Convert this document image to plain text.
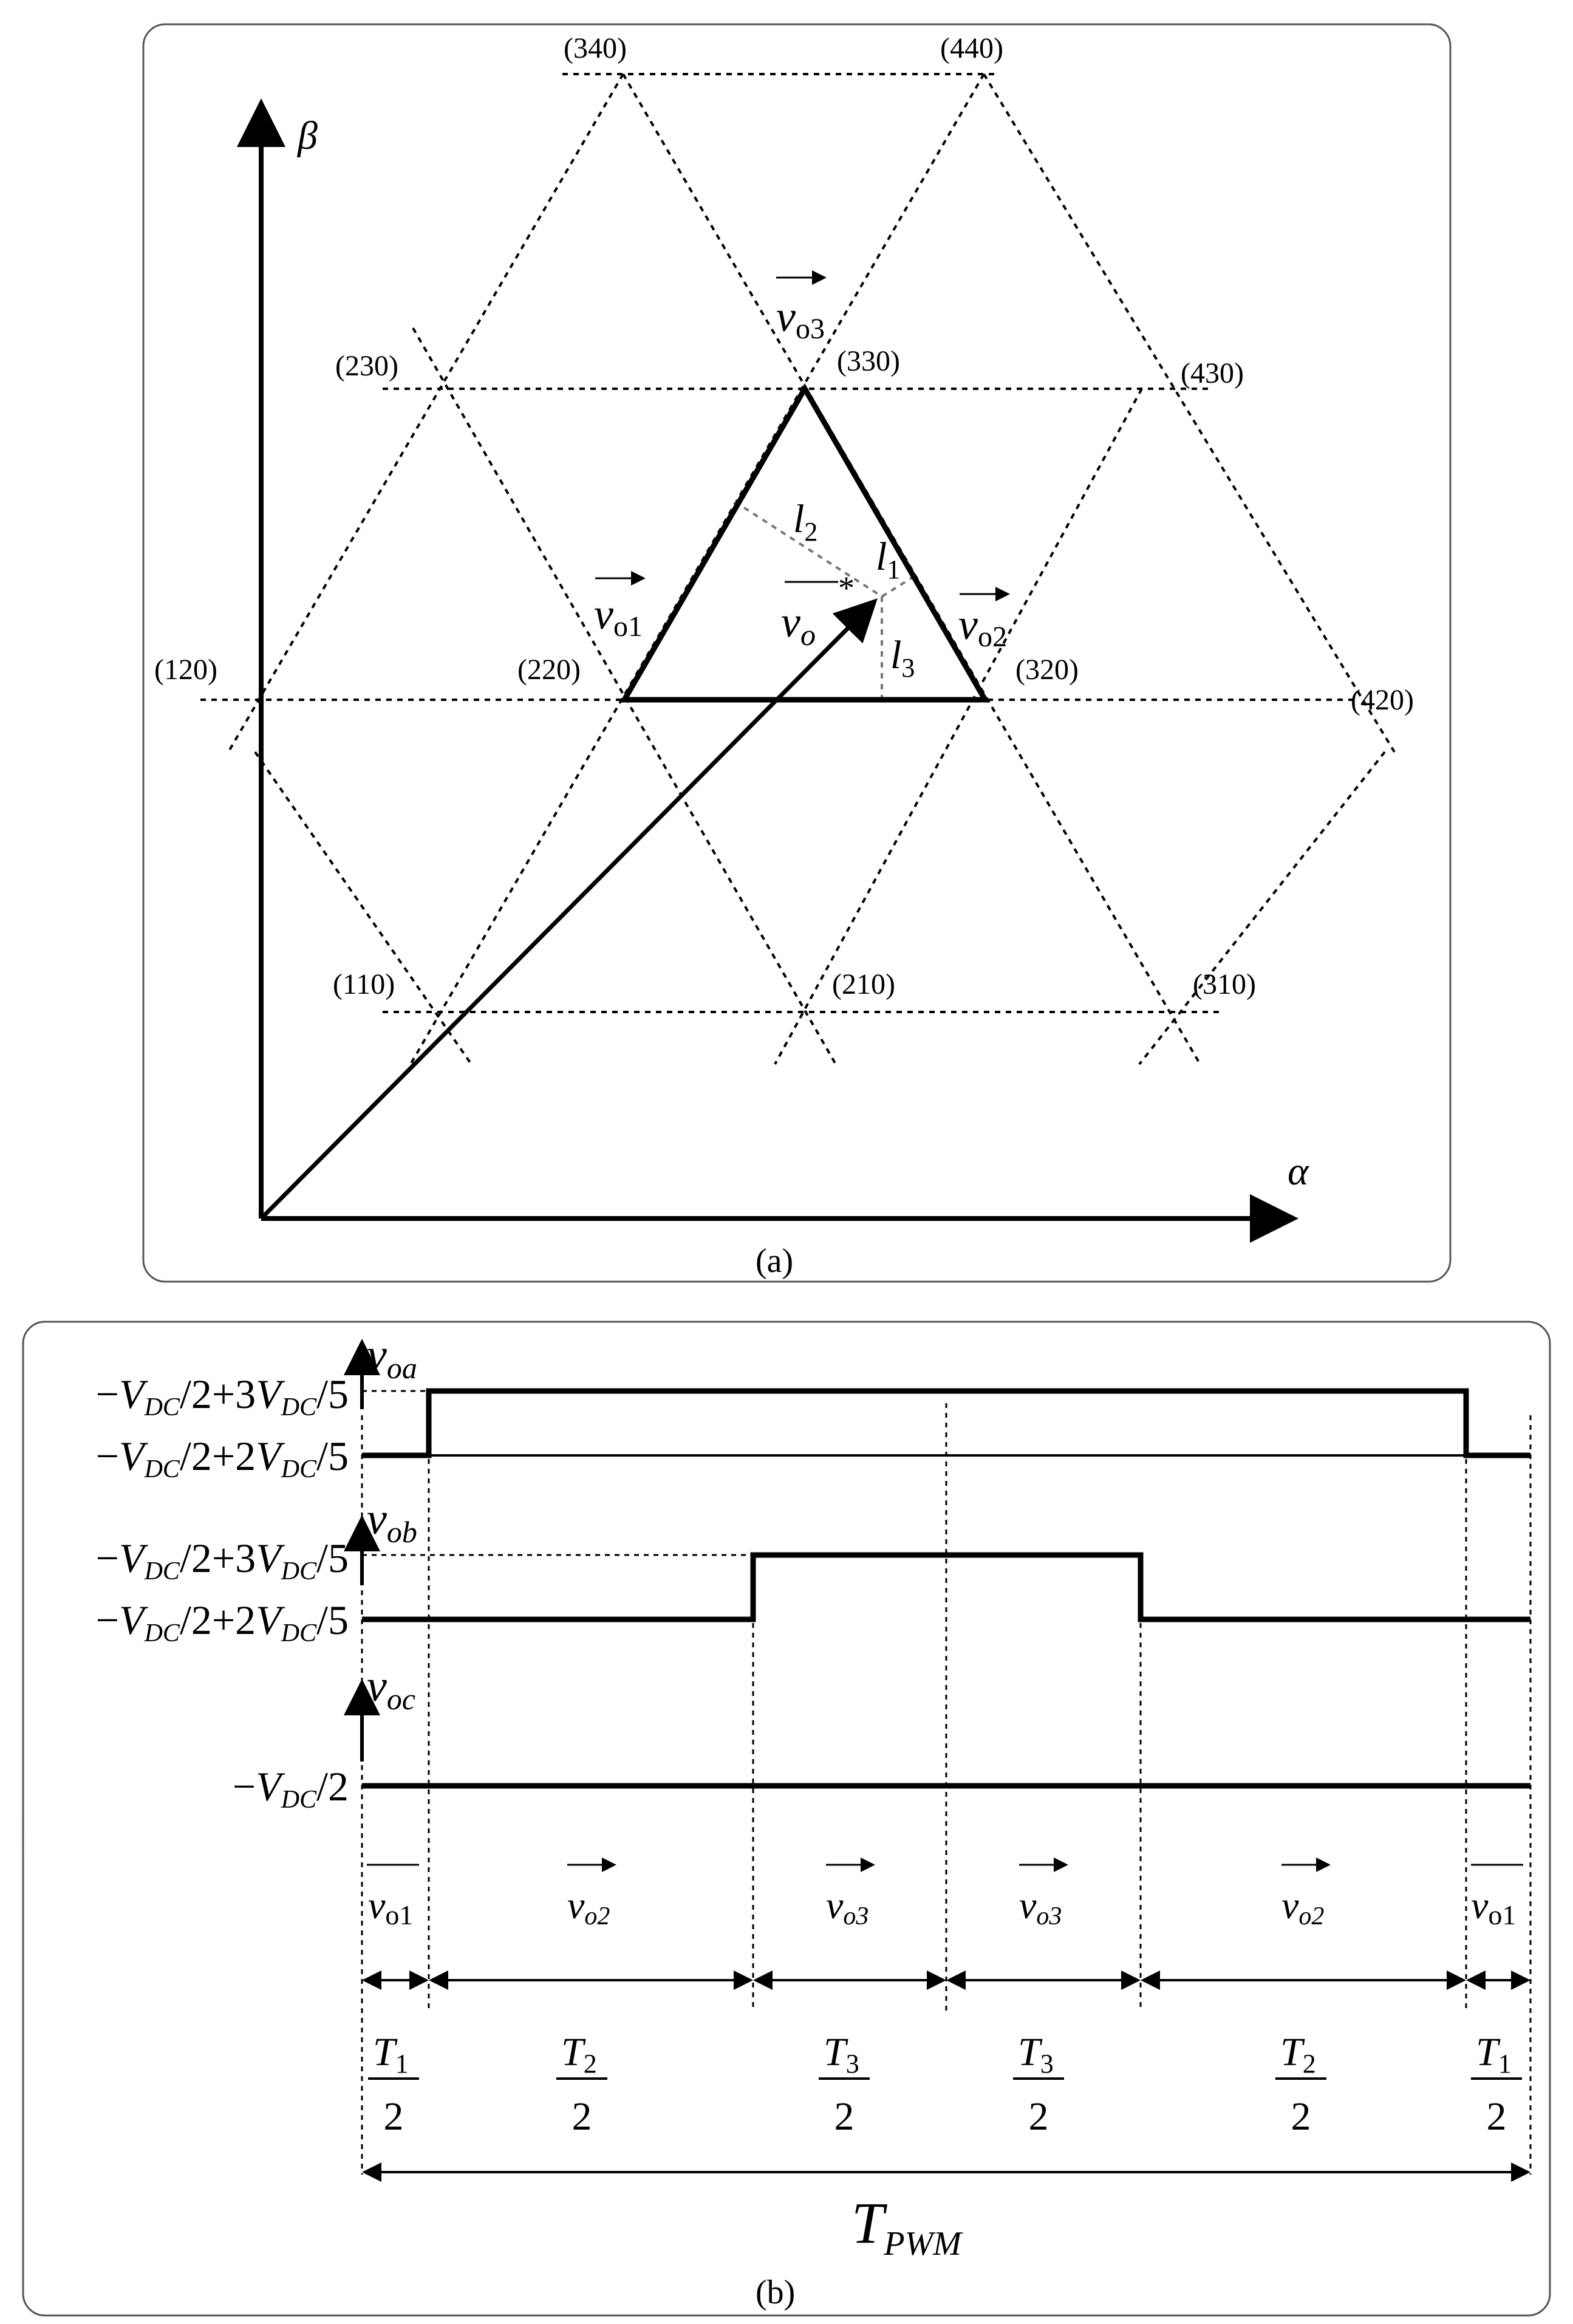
β
α
(340)	(440)
(230)	(330)	(430)
(120)	(220)	(320)
(420)
(110)	(210)	(310)
vo3
vo1	vo2
vo
*
l2
l1
l3
(a)
voa
vob
voc
−VDC/2+3VDC/5
−VDC/2+2VDC/5
−VDC/2+3VDC/5
−VDC/2+2VDC/5
−VDC/2
vo1	vo2	vo3	vo3	vo2	vo1
T1
2
T2
2
T3
2
T3
2
T2
2
T1
2
TPWM
(b)
